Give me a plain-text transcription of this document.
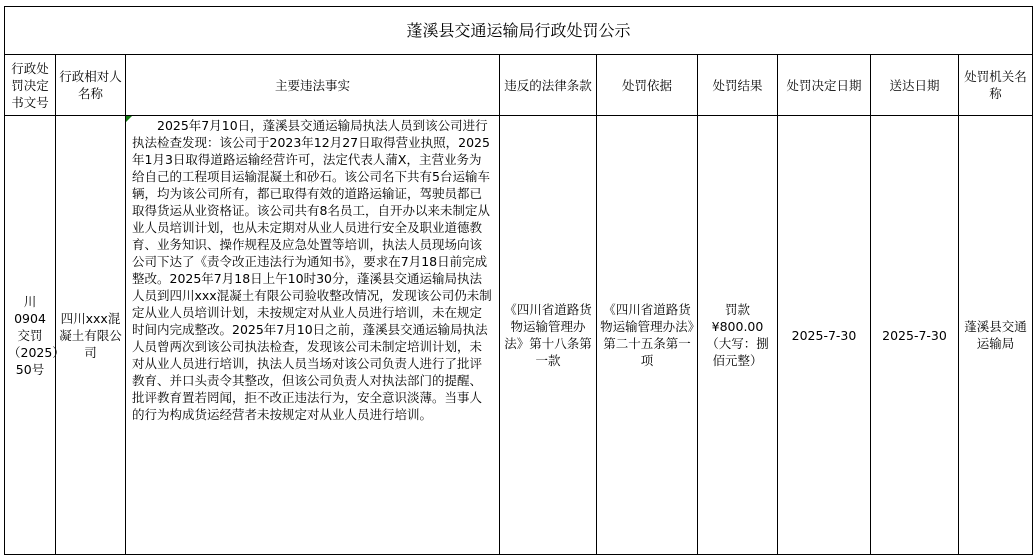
蓬溪县交通运输局行政处罚公示								
行政处罚决定书文号	行政相对人名称	主要违法事实	违反的法律条款	处罚依据	处罚结果	处罚决定日期	送达日期	处罚机关名称
川0904交罚（2025）50号	四川xxx混凝土有限公司	2025年7月10日，蓬溪县交通运输局执法人员到该公司进行执法检查发现：该公司于2023年12月27日取得营业执照，2025年1月3日取得道路运输经营许可，法定代表人蒲X，主营业务为给自己的工程项目运输混凝土和砂石。该公司名下共有5台运输车辆，均为该公司所有，都已取得有效的道路运输证，驾驶员都已取得货运从业资格证。该公司共有8名员工，自开办以来未制定从业人员培训计划，也从未定期对从业人员进行安全及职业道德教育、业务知识、操作规程及应急处置等培训，执法人员现场向该公司下达了《责令改正违法行为通知书》，要求在7月18日前完成整改。2025年7月18日上午10时30分，蓬溪县交通运输局执法人员到四川xxx混凝土有限公司验收整改情况，发现该公司仍未制定从业人员培训计划，未按规定对从业人员进行培训，未在规定时间内完成整改。2025年7月10日之前，蓬溪县交通运输局执法人员曾两次到该公司执法检查，发现该公司未制定培训计划，未对从业人员进行培训，执法人员当场对该公司负责人进行了批评教育、并口头责令其整改，但该公司负责人对执法部门的提醒、批评教育置若罔闻，拒不改正违法行为，安全意识淡薄。当事人的行为构成货运经营者未按规定对从业人员进行培训。	《四川省道路货物运输管理办法》第十八条第一款	《四川省道路货物运输管理办法》第二十五条第一项	罚款¥800.00（大写：捌佰元整）	2025-7-30	2025-7-30	蓬溪县交通运输局
